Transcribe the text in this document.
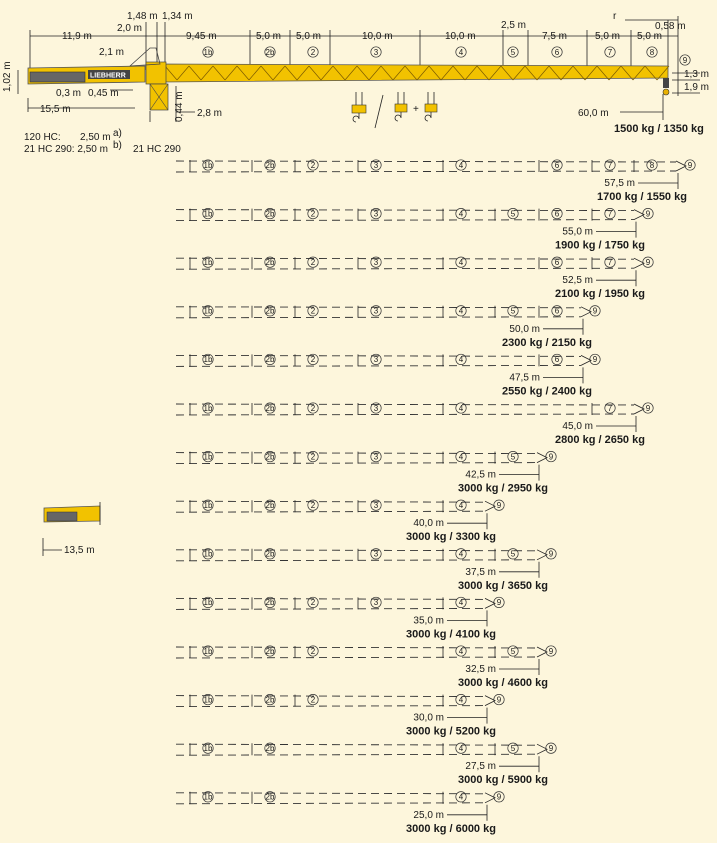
LIEBHERR
+
1,48 m 1,34 m
2,0 m
11,9 m
2,1 m
9,45 m	5,0 m 5,0 m	10,0 m	10,0 m
2,5 m
7,5 m	5,0 m 5,0 m
r
0,58 m
1,02 m
0,3 m 0,45 m
15,5 m	0,44 m 2,8 m
1,3 m
1,9 m
60,0 m
1500 kg / 1350 kg
120 HC: 2,50 m a)
21 HC 290: 2,50 m b) 21 HC 290
13,5 m
1b	2b	2	3	4	6	7	8	9
57,5 m
1700 kg / 1550 kg
1b	2b	2	3	4	5	6	7	9
55,0 m
1900 kg / 1750 kg
1b	2b	2	3	4	6	7	9
52,5 m
2100 kg / 1950 kg
1b	2b	2	3	4	5	6	9
50,0 m
2300 kg / 2150 kg
1b	2b	2	3	4	6	9
47,5 m
2550 kg / 2400 kg
1b	2b	2	3	4	7	9
45,0 m
2800 kg / 2650 kg
1b	2b	2	3	4	5	9
42,5 m
3000 kg / 2950 kg
1b	2b	2	3	4	9
40,0 m
3000 kg / 3300 kg
1b	2b	3	4	5	9
37,5 m
3000 kg / 3650 kg
1b	2b	2	3	4	9
35,0 m
3000 kg / 4100 kg
1b	2b	2	4	5	9
32,5 m
3000 kg / 4600 kg
1b	2b	2	4	9
30,0 m
3000 kg / 5200 kg
1b	2b	4	5	9
27,5 m
3000 kg / 5900 kg
1b	2b	4	9
25,0 m
3000 kg / 6000 kg
1b	2b	2	3	4	5	6	7	8
9
